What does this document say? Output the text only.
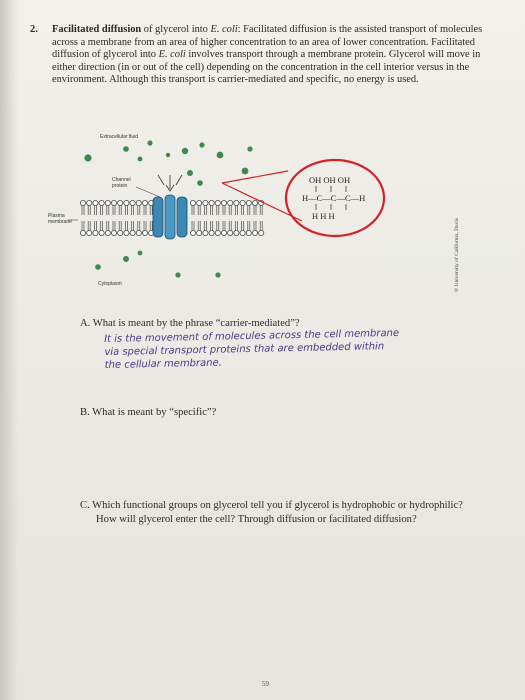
2.	Facilitated diffusion of glycerol into E. coli: Facilitated diffusion is the assisted transport of molecules across a membrane from an area of higher concentration to an area of lower concentration. Facilitated diffusion of glycerol into E. coli involves transport through a membrane protein. Glycerol will move in either direction (in or out of the cell) depending on the concentration in the cell interior versus in the environment. Although this transport is carrier-mediated and specific, no energy is used.
Extracellular fluid
Channel
protein
Plasma
membrane
Cytoplasm
OH OH OH
H—C—C—C—H
H H H
© University of California, Davis
A. What is meant by the phrase “carrier-mediated”?
It is the movement of molecules across the cell membrane
via special transport proteins that are embedded within
the cellular membrane.
B. What is meant by “specific”?
C. Which functional groups on glycerol tell you if glycerol is hydrophobic or hydrophilic?
How will glycerol enter the cell? Through diffusion or facilitated diffusion?
59
